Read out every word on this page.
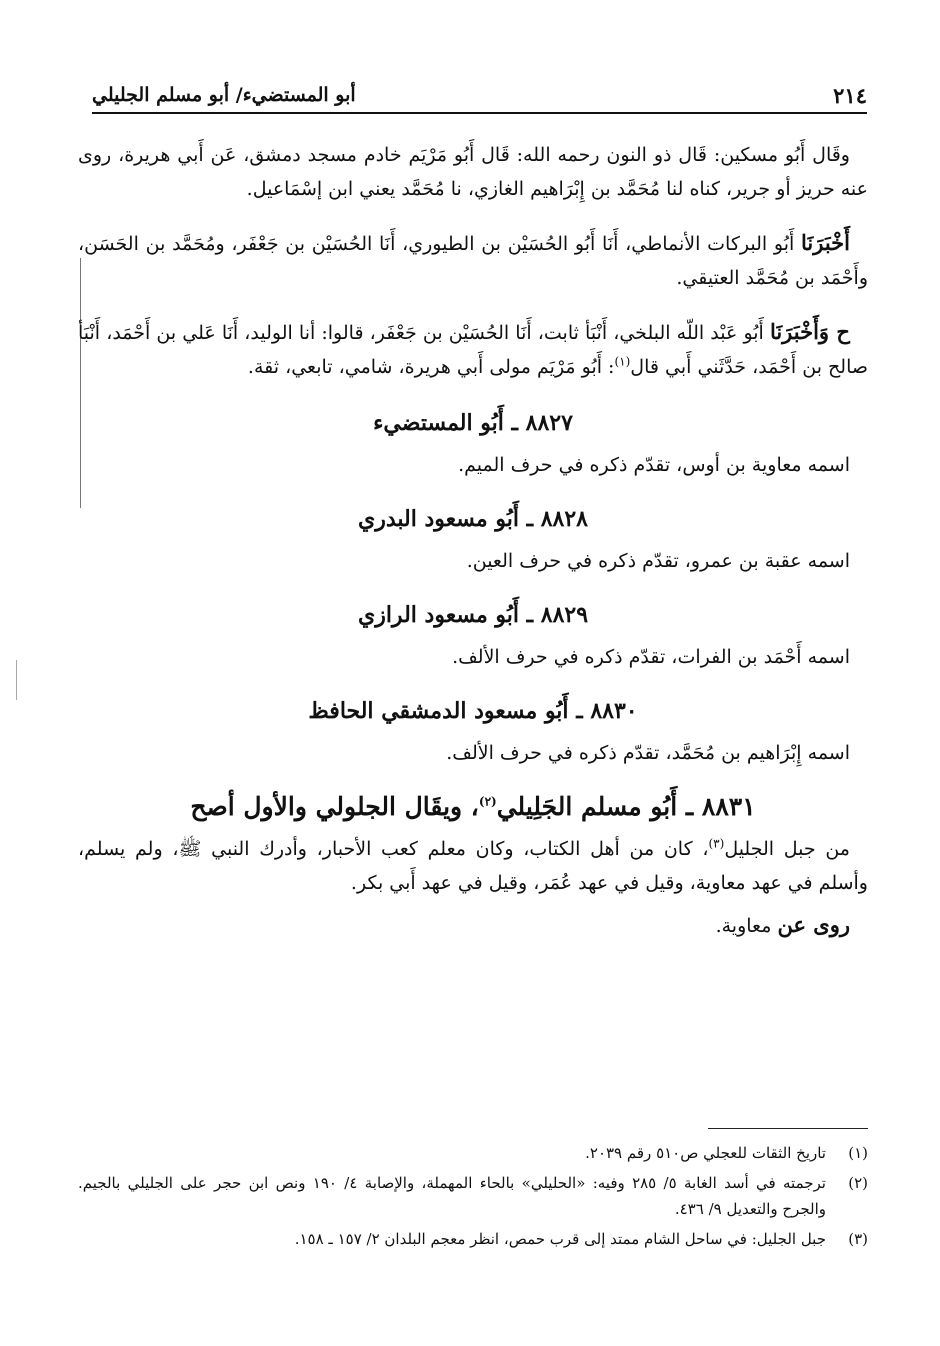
٢١٤
أبو المستضيء/ أبو مسلم الجليلي

وقَال أَبُو مسكين: قَال ذو النون رحمه الله: قَال أَبُو مَرْيَم خادم مسجد دمشق، عَن أَبي هريرة، روى عنه حريز أو جرير، كناه لنا مُحَمَّد بن إِبْرَاهيم الغازي، نا مُحَمَّد يعني ابن إسْمَاعيل.

أَخْبَرَنَا أَبُو البركات الأنماطي، أَنَا أَبُو الحُسَيْن بن الطيوري، أَنَا الحُسَيْن بن جَعْفَر، ومُحَمَّد بن الحَسَن، وأَحْمَد بن مُحَمَّد العتيقي.

ح وَأَخْبَرَنَا أَبُو عَبْد اللّه البلخي، أَنْبَأ ثابت، أَنَا الحُسَيْن بن جَعْفَر، قالوا: أنا الوليد، أَنَا عَلي بن أَحْمَد، أَنْبَأ صالح بن أَحْمَد، حَدَّثَني أَبي قال$^{(١)}$: أَبُو مَرْيَم مولى أَبي هريرة، شامي، تابعي، ثقة.

٨٨٢٧ ـ أَبُو المستضيء

اسمه معاوية بن أوس، تقدّم ذكره في حرف الميم.

٨٨٢٨ ـ أَبُو مسعود البدري

اسمه عقبة بن عمرو، تقدّم ذكره في حرف العين.

٨٨٢٩ ـ أَبُو مسعود الرازي

اسمه أَحْمَد بن الفرات، تقدّم ذكره في حرف الألف.

٨٨٣٠ ـ أَبُو مسعود الدمشقي الحافظ

اسمه إِبْرَاهيم بن مُحَمَّد، تقدّم ذكره في حرف الألف.

٨٨٣١ ـ أَبُو مسلم الجَلِيلي$^{(٢)}$، ويقَال الجلولي والأول أصح

من جبل الجليل$^{(٣)}$، كان من أهل الكتاب، وكان معلم كعب الأحبار، وأدرك النبي ﷺ، ولم يسلم، وأسلم في عهد معاوية، وقيل في عهد عُمَر، وقيل في عهد أَبي بكر.

روى عن معاوية.

(١)
تاريخ الثقات للعجلي ص٥١٠ رقم ٢٠٣٩.
(٢)
ترجمته في أسد الغابة ٥/ ٢٨٥ وفيه: «الحليلي» بالحاء المهملة، والإصابة ٤/ ١٩٠ ونص ابن حجر على الجليلي بالجيم. والجرح والتعديل ٩/ ٤٣٦.
(٣)
جبل الجليل: في ساحل الشام ممتد إلى قرب حمص، انظر معجم البلدان ٢/ ١٥٧ ـ ١٥٨.
